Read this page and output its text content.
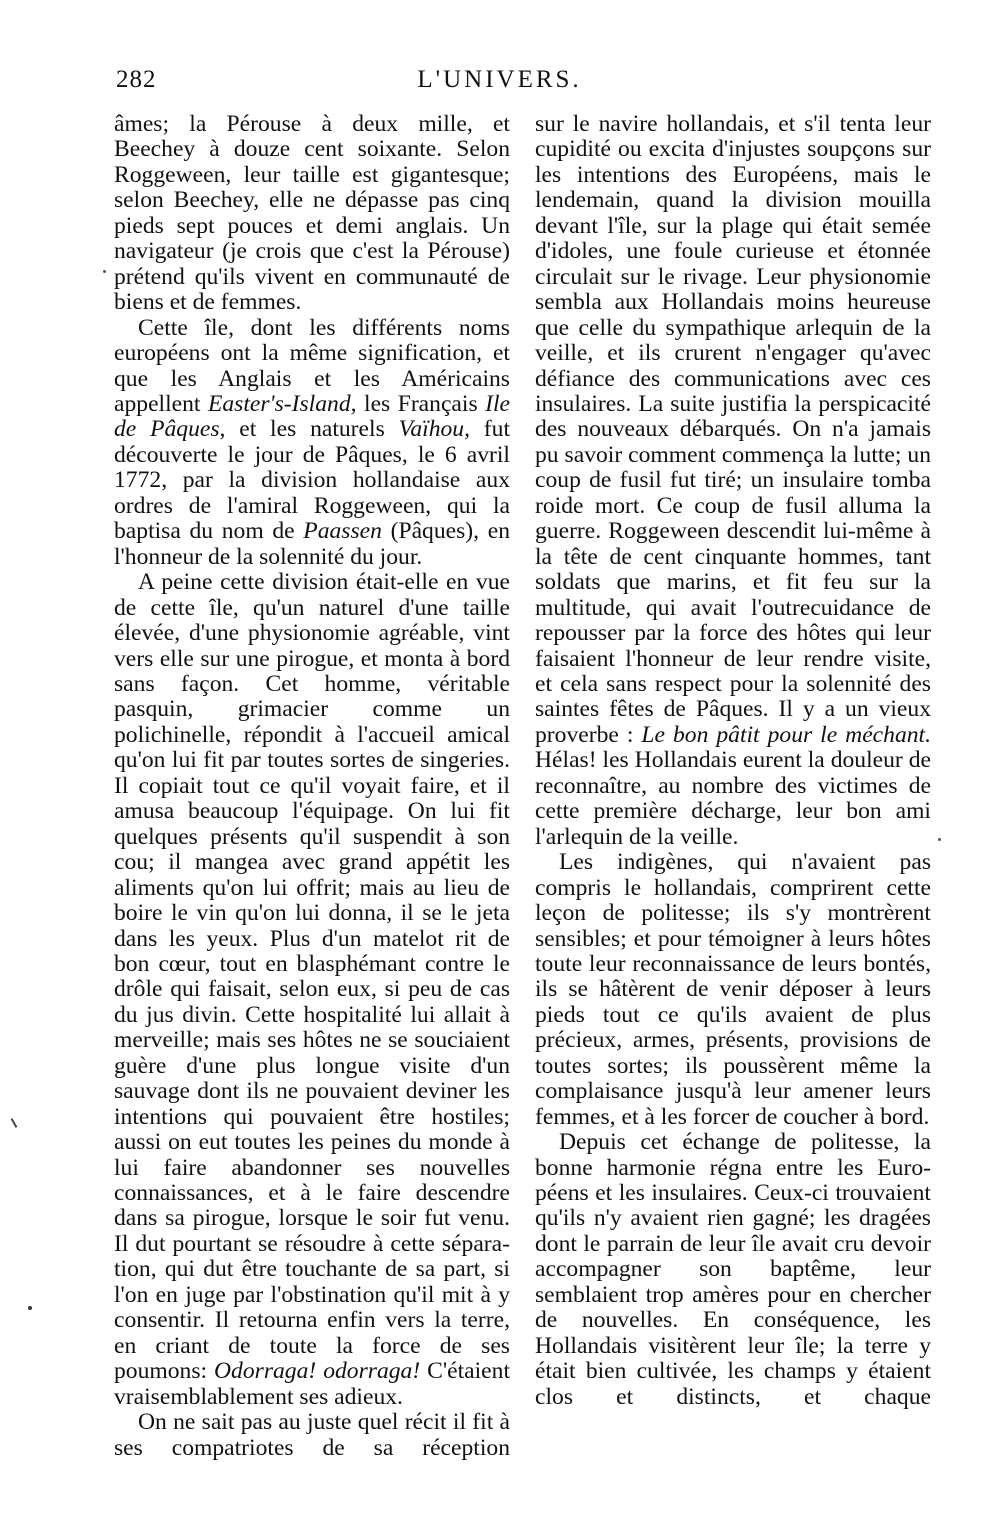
282	L'UNIVERS.

âmes; la Pérouse à deux mille, et Beechey à douze cent soixante. Selon Roggeween, leur taille est gigantesque; selon Beechey, elle ne dépasse pas cinq pieds sept pouces et demi anglais. Un navigateur (je crois que c'est la Pérouse) prétend qu'ils vivent en communauté de biens et de femmes.

Cette île, dont les différents noms européens ont la même signification, et que les Anglais et les Américains appellent Easter's-Island, les Français Ile de Pâques, et les naturels Vaïhou, fut découverte le jour de Pâques, le 6 avril 1772, par la division hollandaise aux ordres de l'amiral Roggeween, qui la baptisa du nom de Paassen (Pâques), en l'honneur de la solennité du jour.

A peine cette division était-elle en vue de cette île, qu'un naturel d'une taille élevée, d'une physionomie agréable, vint vers elle sur une pirogue, et monta à bord sans façon. Cet homme, véritable pasquin, grimacier comme un polichinelle, répondit à l'accueil amical qu'on lui fit par toutes sortes de singeries. Il copiait tout ce qu'il voyait faire, et il amusa beaucoup l'équipage. On lui fit quelques présents qu'il suspendit à son cou; il mangea avec grand appétit les aliments qu'on lui offrit; mais au lieu de boire le vin qu'on lui donna, il se le jeta dans les yeux. Plus d'un matelot rit de bon cœur, tout en blasphémant contre le drôle qui faisait, selon eux, si peu de cas du jus divin. Cette hospitalité lui allait à merveille; mais ses hôtes ne se souciaient guère d'une plus longue visite d'un sauvage dont ils ne pouvaient deviner les intentions qui pouvaient être hostiles; aussi on eut toutes les peines du monde à lui faire abandonner ses nouvelles connaissances, et à le faire descendre dans sa pirogue, lorsque le soir fut venu. Il dut pourtant se résoudre à cette séparation, qui dut être touchante de sa part, si l'on en juge par l'obstination qu'il mit à y consentir. Il retourna enfin vers la terre, en criant de toute la force de ses poumons: Odorraga! odorraga! C'étaient vraisemblablement ses adieux.

On ne sait pas au juste quel récit il fit à ses compatriotes de sa réception

sur le navire hollandais, et s'il tenta leur cupidité ou excita d'injustes soupçons sur les intentions des Européens, mais le lendemain, quand la division mouilla devant l'île, sur la plage qui était semée d'idoles, une foule curieuse et étonnée circulait sur le rivage. Leur physionomie sembla aux Hollandais moins heureuse que celle du sympathique arlequin de la veille, et ils crurent n'engager qu'avec défiance des communications avec ces insulaires. La suite justifia la perspicacité des nouveaux débarqués. On n'a jamais pu savoir comment commença la lutte; un coup de fusil fut tiré; un insulaire tomba roide mort. Ce coup de fusil alluma la guerre. Roggeween descendit lui-même à la tête de cent cinquante hommes, tant soldats que marins, et fit feu sur la multitude, qui avait l'outrecuidance de repousser par la force des hôtes qui leur faisaient l'honneur de leur rendre visite, et cela sans respect pour la solennité des saintes fêtes de Pâques. Il y a un vieux proverbe : Le bon pâtit pour le méchant. Hélas! les Hollandais eurent la douleur de reconnaître, au nombre des victimes de cette première décharge, leur bon ami l'arlequin de la veille.

Les indigènes, qui n'avaient pas compris le hollandais, comprirent cette leçon de politesse; ils s'y montrèrent sensibles; et pour témoigner à leurs hôtes toute leur reconnaissance de leurs bontés, ils se hâtèrent de venir déposer à leurs pieds tout ce qu'ils avaient de plus précieux, armes, présents, provisions de toutes sortes; ils poussèrent même la complaisance jusqu'à leur amener leurs femmes, et à les forcer de coucher à bord.

Depuis cet échange de politesse, la bonne harmonie régna entre les Européens et les insulaires. Ceux-ci trouvaient qu'ils n'y avaient rien gagné; les dragées dont le parrain de leur île avait cru devoir accompagner son baptême, leur semblaient trop amères pour en chercher de nouvelles. En conséquence, les Hollandais visitèrent leur île; la terre y était bien cultivée, les champs y étaient clos et distincts, et chaque
